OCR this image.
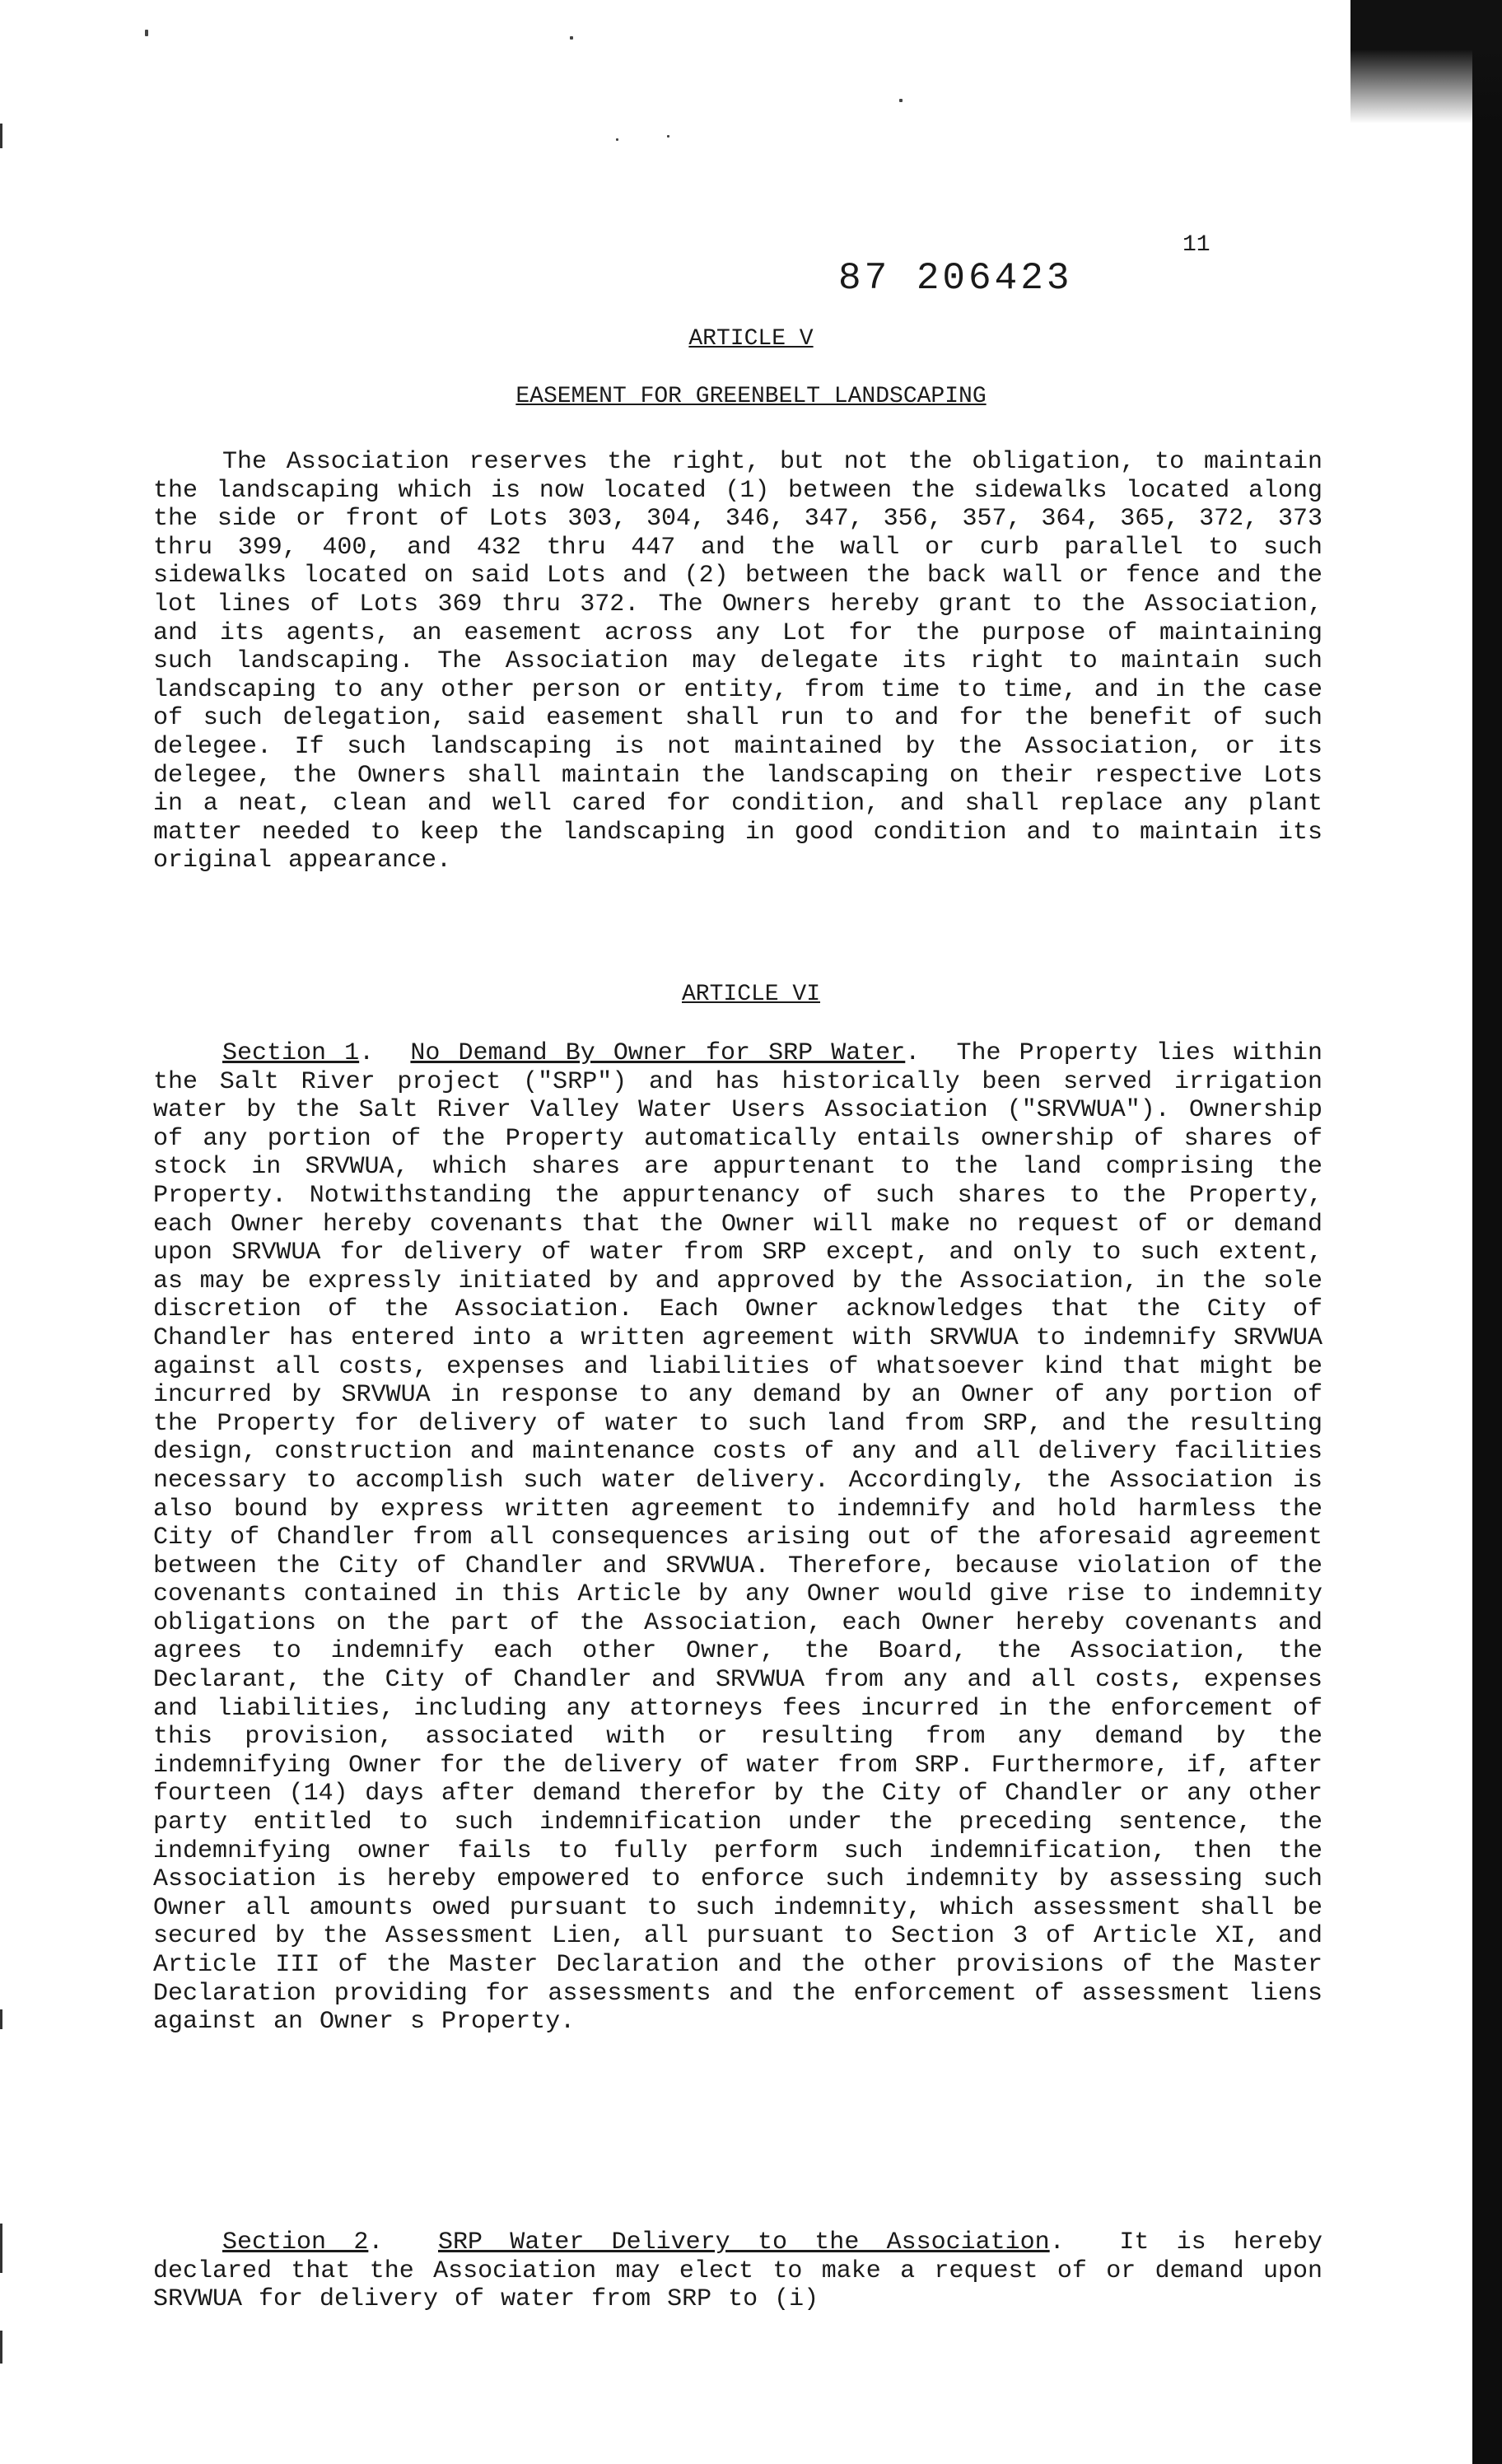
11
87 206423
ARTICLE V
EASEMENT FOR GREENBELT LANDSCAPING
The Association reserves the right, but not the obligation, to maintain the landscaping which is now located (1) between the sidewalks located along the side or front of Lots 303, 304, 346, 347, 356, 357, 364, 365, 372, 373 thru 399, 400, and 432 thru 447 and the wall or curb parallel to such sidewalks located on said Lots and (2) between the back wall or fence and the lot lines of Lots 369 thru 372. The Owners hereby grant to the Association, and its agents, an easement across any Lot for the purpose of maintaining such landscaping. The Association may delegate its right to maintain such landscaping to any other person or entity, from time to time, and in the case of such delegation, said easement shall run to and for the benefit of such delegee. If such landscaping is not maintained by the Association, or its delegee, the Owners shall maintain the landscaping on their respective Lots in a neat, clean and well cared for condition, and shall replace any plant matter needed to keep the landscaping in good condition and to maintain its original appearance.
ARTICLE VI
Section 1.  No Demand By Owner for SRP Water.  The Property lies within the Salt River project ("SRP") and has historically been served irrigation water by the Salt River Valley Water Users Association ("SRVWUA"). Ownership of any portion of the Property automatically entails ownership of shares of stock in SRVWUA, which shares are appurtenant to the land comprising the Property. Notwithstanding the appurtenancy of such shares to the Property, each Owner hereby covenants that the Owner will make no request of or demand upon SRVWUA for delivery of water from SRP except, and only to such extent, as may be expressly initiated by and approved by the Association, in the sole discretion of the Association. Each Owner acknowledges that the City of Chandler has entered into a written agreement with SRVWUA to indemnify SRVWUA against all costs, expenses and liabilities of whatsoever kind that might be incurred by SRVWUA in response to any demand by an Owner of any portion of the Property for delivery of water to such land from SRP, and the resulting design, construction and maintenance costs of any and all delivery facilities necessary to accomplish such water delivery. Accordingly, the Association is also bound by express written agreement to indemnify and hold harmless the City of Chandler from all consequences arising out of the aforesaid agreement between the City of Chandler and SRVWUA. Therefore, because violation of the covenants contained in this Article by any Owner would give rise to indemnity obligations on the part of the Association, each Owner hereby covenants and agrees to indemnify each other Owner, the Board, the Association, the Declarant, the City of Chandler and SRVWUA from any and all costs, expenses and liabilities, including any attorneys fees incurred in the enforcement of this provision, associated with or resulting from any demand by the indemnifying Owner for the delivery of water from SRP. Furthermore, if, after fourteen (14) days after demand therefor by the City of Chandler or any other party entitled to such indemnification under the preceding sentence, the indemnifying owner fails to fully perform such indemnification, then the Association is hereby empowered to enforce such indemnity by assessing such Owner all amounts owed pursuant to such indemnity, which assessment shall be secured by the Assessment Lien, all pursuant to Section 3 of Article XI, and Article III of the Master Declaration and the other provisions of the Master Declaration providing for assessments and the enforcement of assessment liens against an Owner s Property.
Section 2.  SRP Water Delivery to the Association.  It is hereby declared that the Association may elect to make a request of or demand upon SRVWUA for delivery of water from SRP to (i)
